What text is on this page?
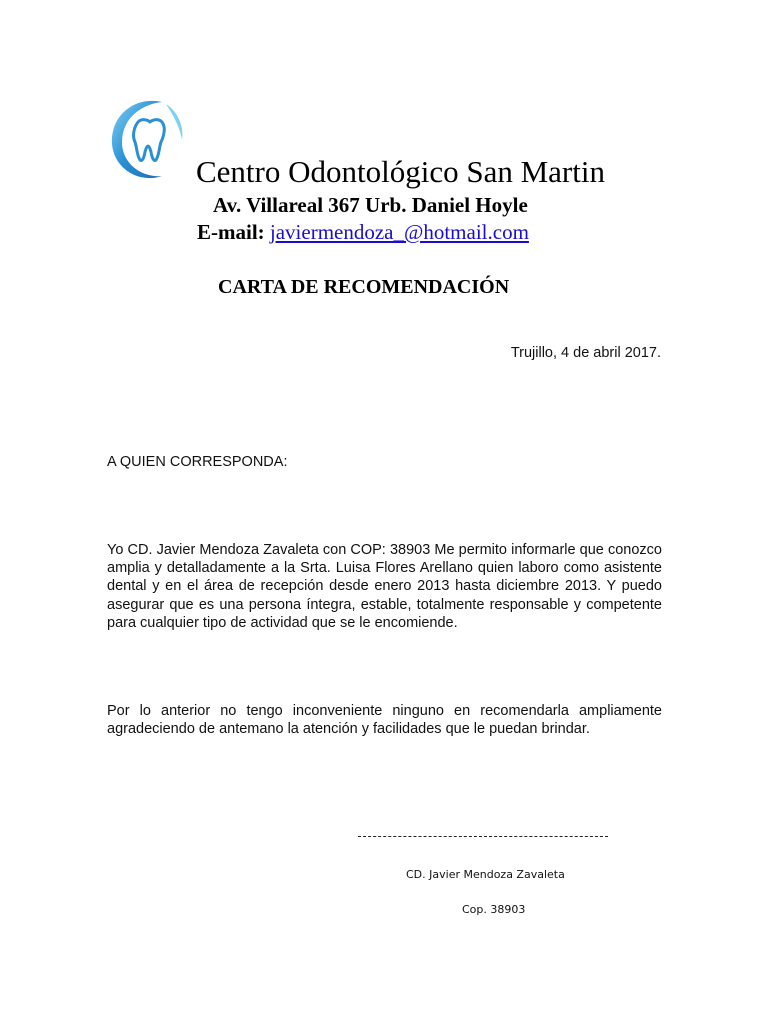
Centro Odontológico San Martin
Av. Villareal 367 Urb. Daniel Hoyle
E-mail: javiermendoza_@hotmail.com
CARTA DE RECOMENDACIÓN
Trujillo, 4 de abril 2017.
A QUIEN CORRESPONDA:

Yo CD. Javier Mendoza Zavaleta con COP: 38903 Me permito informarle que conozco amplia y detalladamente a la Srta. Luisa Flores Arellano quien laboro como asistente dental y en el área de recepción desde enero 2013 hasta diciembre 2013. Y puedo asegurar que es una persona íntegra, estable, totalmente responsable y competente para cualquier tipo de actividad que se le encomiende.

Por lo anterior no tengo inconveniente ninguno en recomendarla ampliamente agradeciendo de antemano la atención y facilidades que le puedan brindar.

CD. Javier Mendoza Zavaleta
Cop. 38903
